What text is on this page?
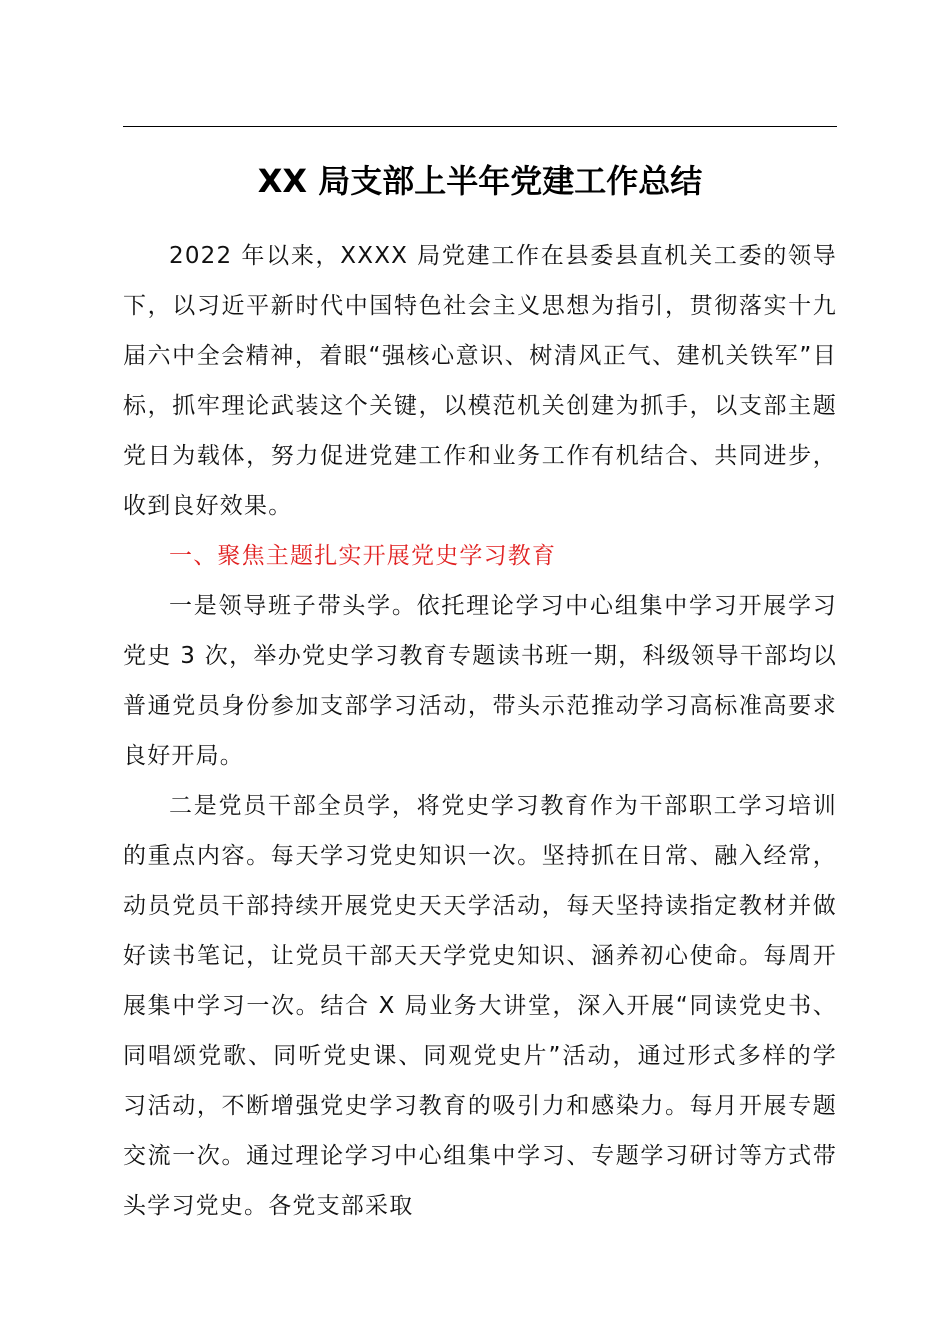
XX 局支部上半年党建工作总结

2022 年以来，XXXX 局党建工作在县委县直机关工委的领导下，以习近平新时代中国特色社会主义思想为指引，贯彻落实十九届六中全会精神，着眼“强核心意识、树清风正气、建机关铁军”目标，抓牢理论武装这个关键，以模范机关创建为抓手，以支部主题党日为载体，努力促进党建工作和业务工作有机结合、共同进步，收到良好效果。

一、聚焦主题扎实开展党史学习教育

一是领导班子带头学。依托理论学习中心组集中学习开展学习党史 3 次，举办党史学习教育专题读书班一期，科级领导干部均以普通党员身份参加支部学习活动，带头示范推动学习高标准高要求良好开局。

二是党员干部全员学，将党史学习教育作为干部职工学习培训的重点内容。每天学习党史知识一次。坚持抓在日常、融入经常，动员党员干部持续开展党史天天学活动，每天坚持读指定教材并做好读书笔记，让党员干部天天学党史知识、涵养初心使命。每周开展集中学习一次。结合 X 局业务大讲堂，深入开展“同读党史书、同唱颂党歌、同听党史课、同观党史片”活动，通过形式多样的学习活动，不断增强党史学习教育的吸引力和感染力。每月开展专题交流一次。通过理论学习中心组集中学习、专题学习研讨等方式带头学习党史。各党支部采取
